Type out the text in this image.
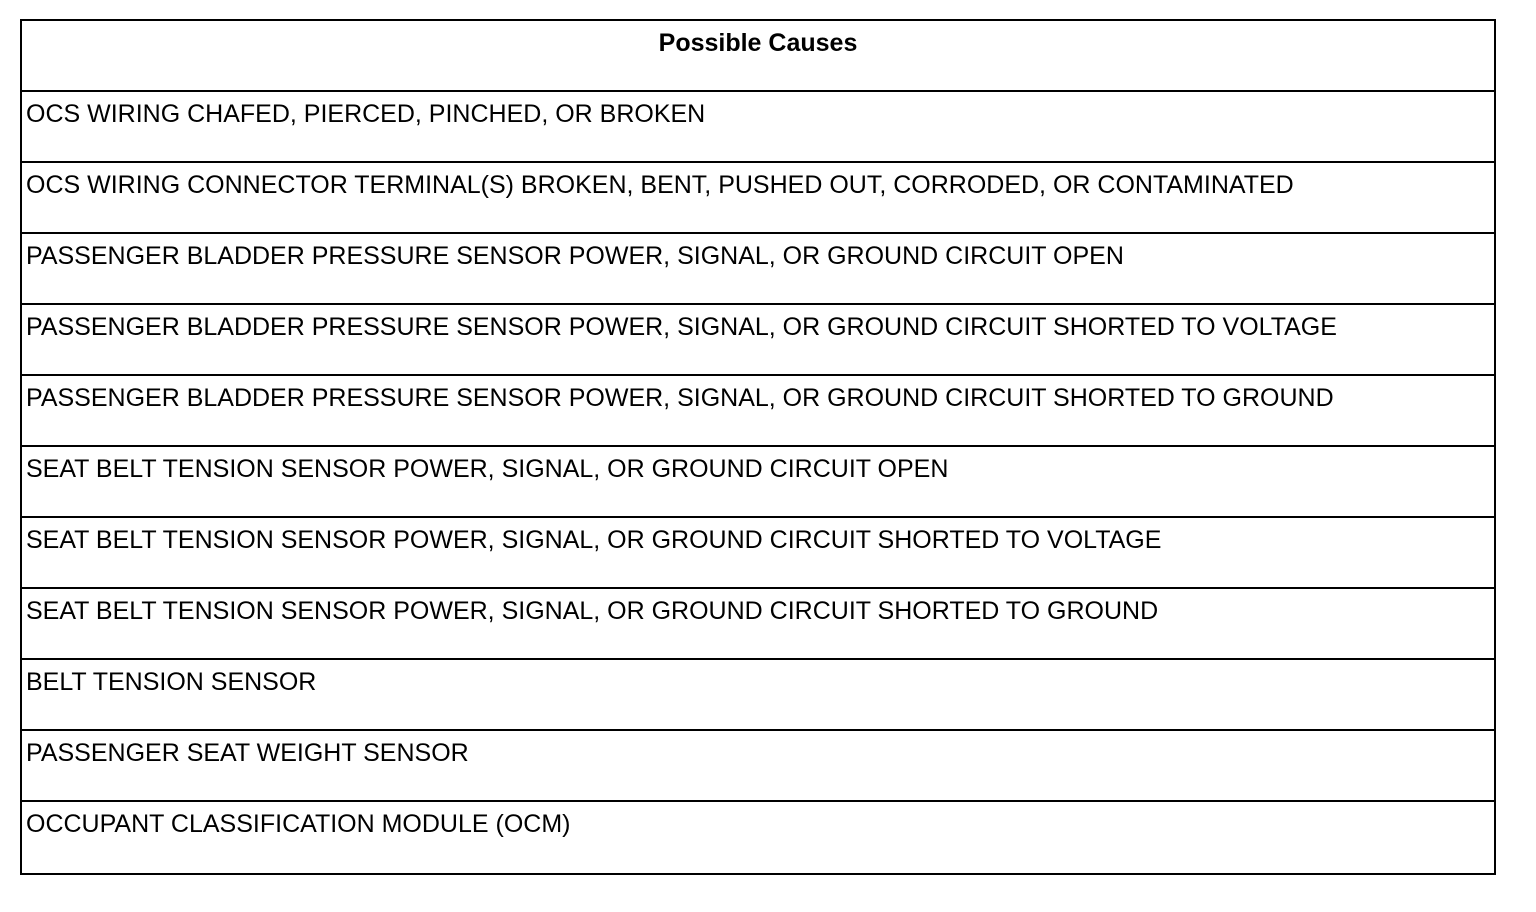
Possible Causes
OCS WIRING CHAFED, PIERCED, PINCHED, OR BROKEN
OCS WIRING CONNECTOR TERMINAL(S) BROKEN, BENT, PUSHED OUT, CORRODED, OR CONTAMINATED
PASSENGER BLADDER PRESSURE SENSOR POWER, SIGNAL, OR GROUND CIRCUIT OPEN
PASSENGER BLADDER PRESSURE SENSOR POWER, SIGNAL, OR GROUND CIRCUIT SHORTED TO VOLTAGE
PASSENGER BLADDER PRESSURE SENSOR POWER, SIGNAL, OR GROUND CIRCUIT SHORTED TO GROUND
SEAT BELT TENSION SENSOR POWER, SIGNAL, OR GROUND CIRCUIT OPEN
SEAT BELT TENSION SENSOR POWER, SIGNAL, OR GROUND CIRCUIT SHORTED TO VOLTAGE
SEAT BELT TENSION SENSOR POWER, SIGNAL, OR GROUND CIRCUIT SHORTED TO GROUND
BELT TENSION SENSOR
PASSENGER SEAT WEIGHT SENSOR
OCCUPANT CLASSIFICATION MODULE (OCM)
